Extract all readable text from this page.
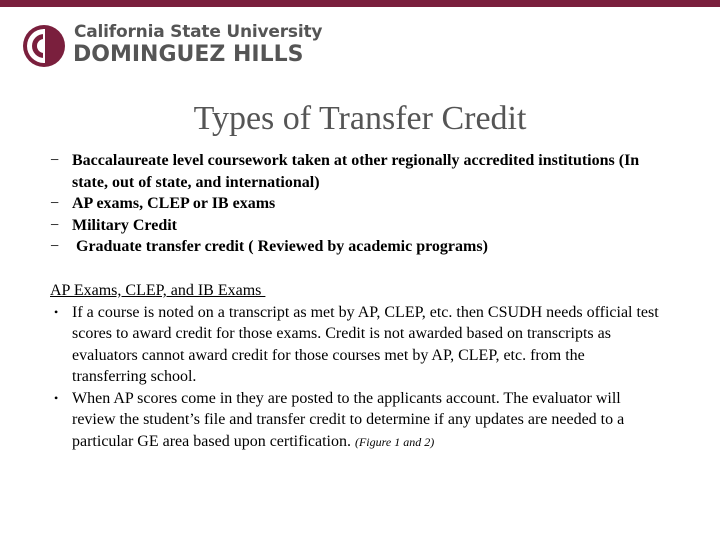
California State University
DOMINGUEZ HILLS
Types of Transfer Credit
− Baccalaureate level coursework taken at other regionally accredited institutions (In state, out of state, and international)
− AP exams, CLEP or IB exams
− Military Credit
− Graduate transfer credit ( Reviewed by academic programs)
AP Exams, CLEP, and IB Exams
• If a course is noted on a transcript as met by AP, CLEP, etc. then CSUDH needs official test scores to award credit for those exams. Credit is not awarded based on transcripts as evaluators cannot award credit for those courses met by AP, CLEP, etc. from the transferring school.
• When AP scores come in they are posted to the applicants account. The evaluator will review the student’s file and transfer credit to determine if any updates are needed to a particular GE area based upon certification. (Figure 1 and 2)
